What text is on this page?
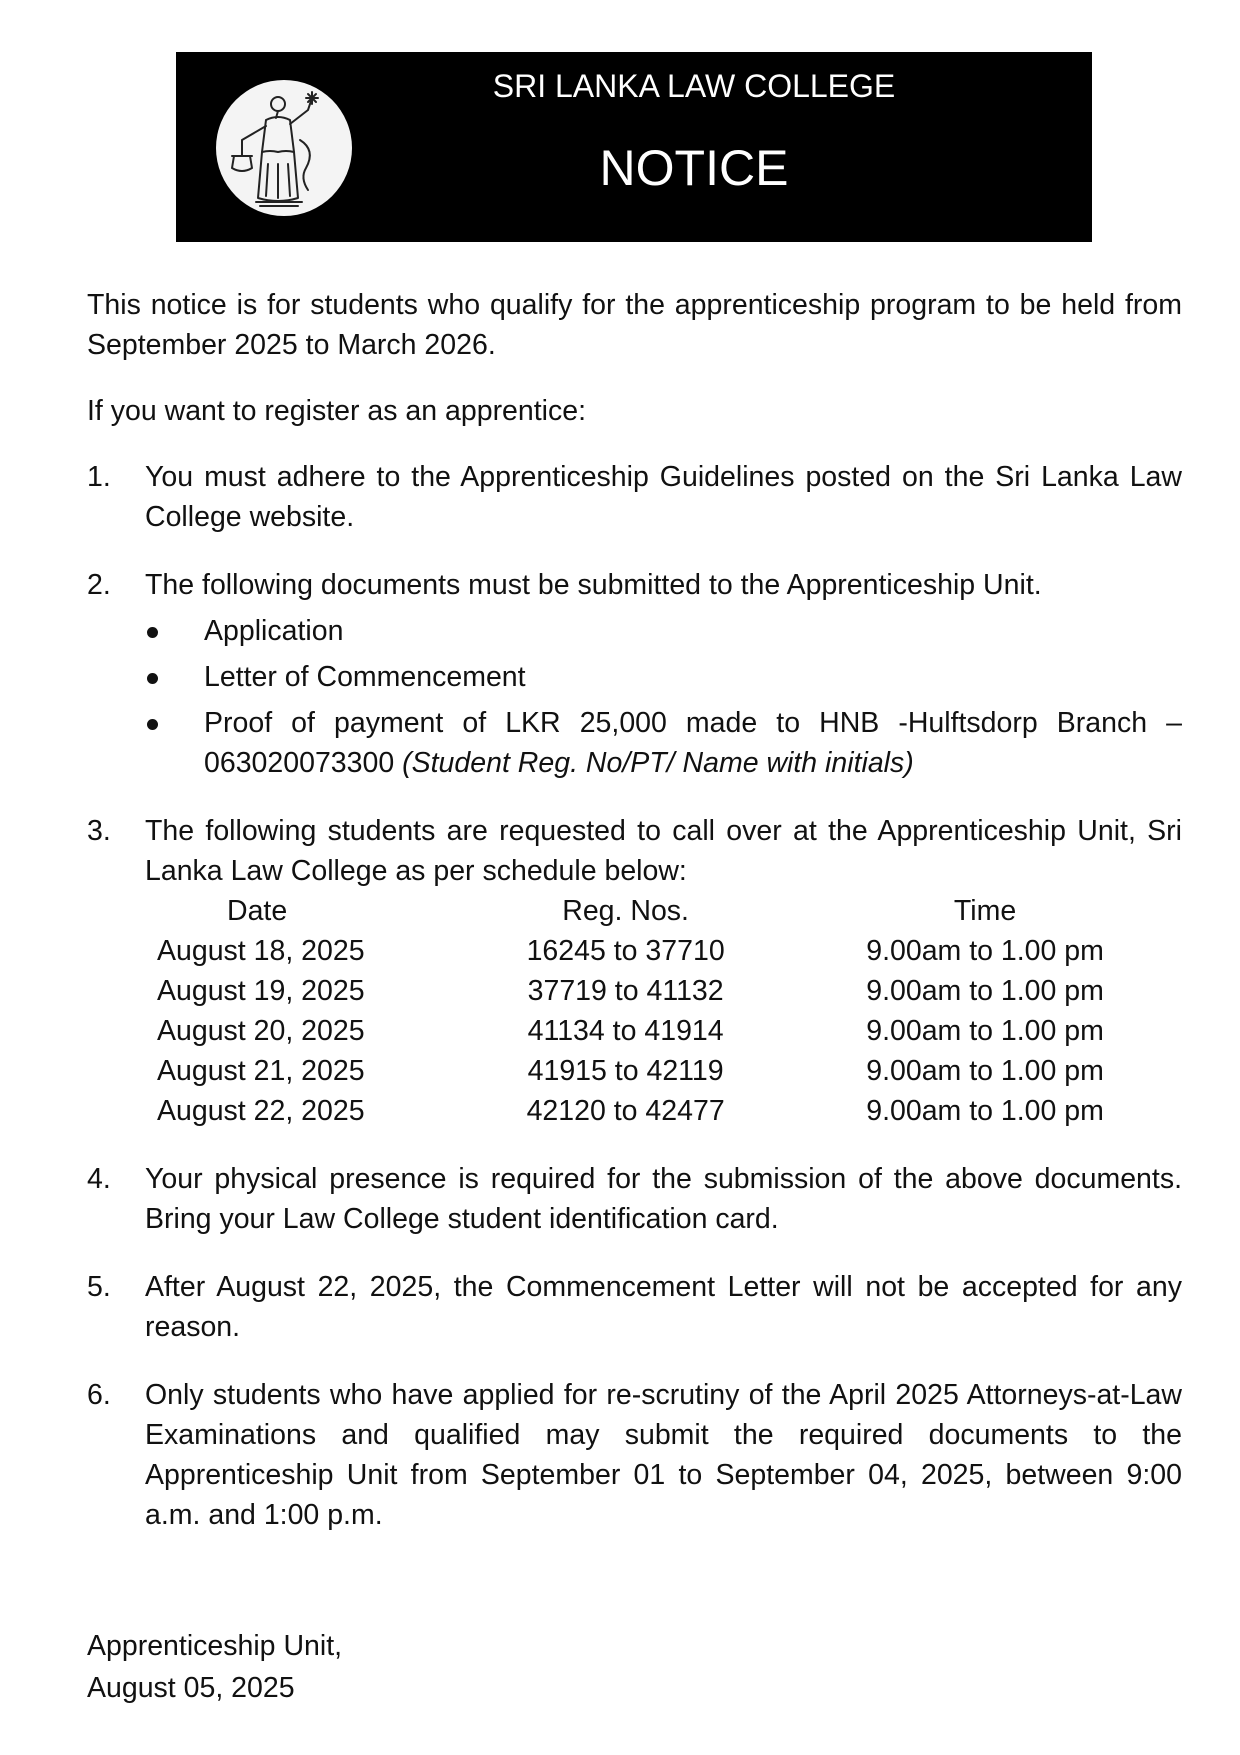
SRI LANKA LAW COLLEGE
NOTICE

This notice is for students who qualify for the apprenticeship program to be held from September 2025 to March 2026.

If you want to register as an apprentice:

1. You must adhere to the Apprenticeship Guidelines posted on the Sri Lanka Law College website.
2. The following documents must be submitted to the Apprenticeship Unit.
Application
Letter of Commencement
Proof of payment of LKR 25,000 made to HNB -Hulftsdorp Branch –
063020073300 (Student Reg. No/PT/ Name with initials)
3. The following students are requested to call over at the Apprenticeship Unit, Sri Lanka Law College as per schedule below:
Date	Reg. Nos.	Time
August 18, 2025	16245 to 37710	9.00am to 1.00 pm
August 19, 2025	37719 to 41132	9.00am to 1.00 pm
August 20, 2025	41134 to 41914	9.00am to 1.00 pm
August 21, 2025	41915 to 42119	9.00am to 1.00 pm
August 22, 2025	42120 to 42477	9.00am to 1.00 pm
4. Your physical presence is required for the submission of the above documents. Bring your Law College student identification card.
5. After August 22, 2025, the Commencement Letter will not be accepted for any reason.
6. Only students who have applied for re-scrutiny of the April 2025 Attorneys-at-Law Examinations and qualified may submit the required documents to the Apprenticeship Unit from September 01 to September 04, 2025, between 9:00 a.m. and 1:00 p.m.
Apprenticeship Unit,
August 05, 2025
